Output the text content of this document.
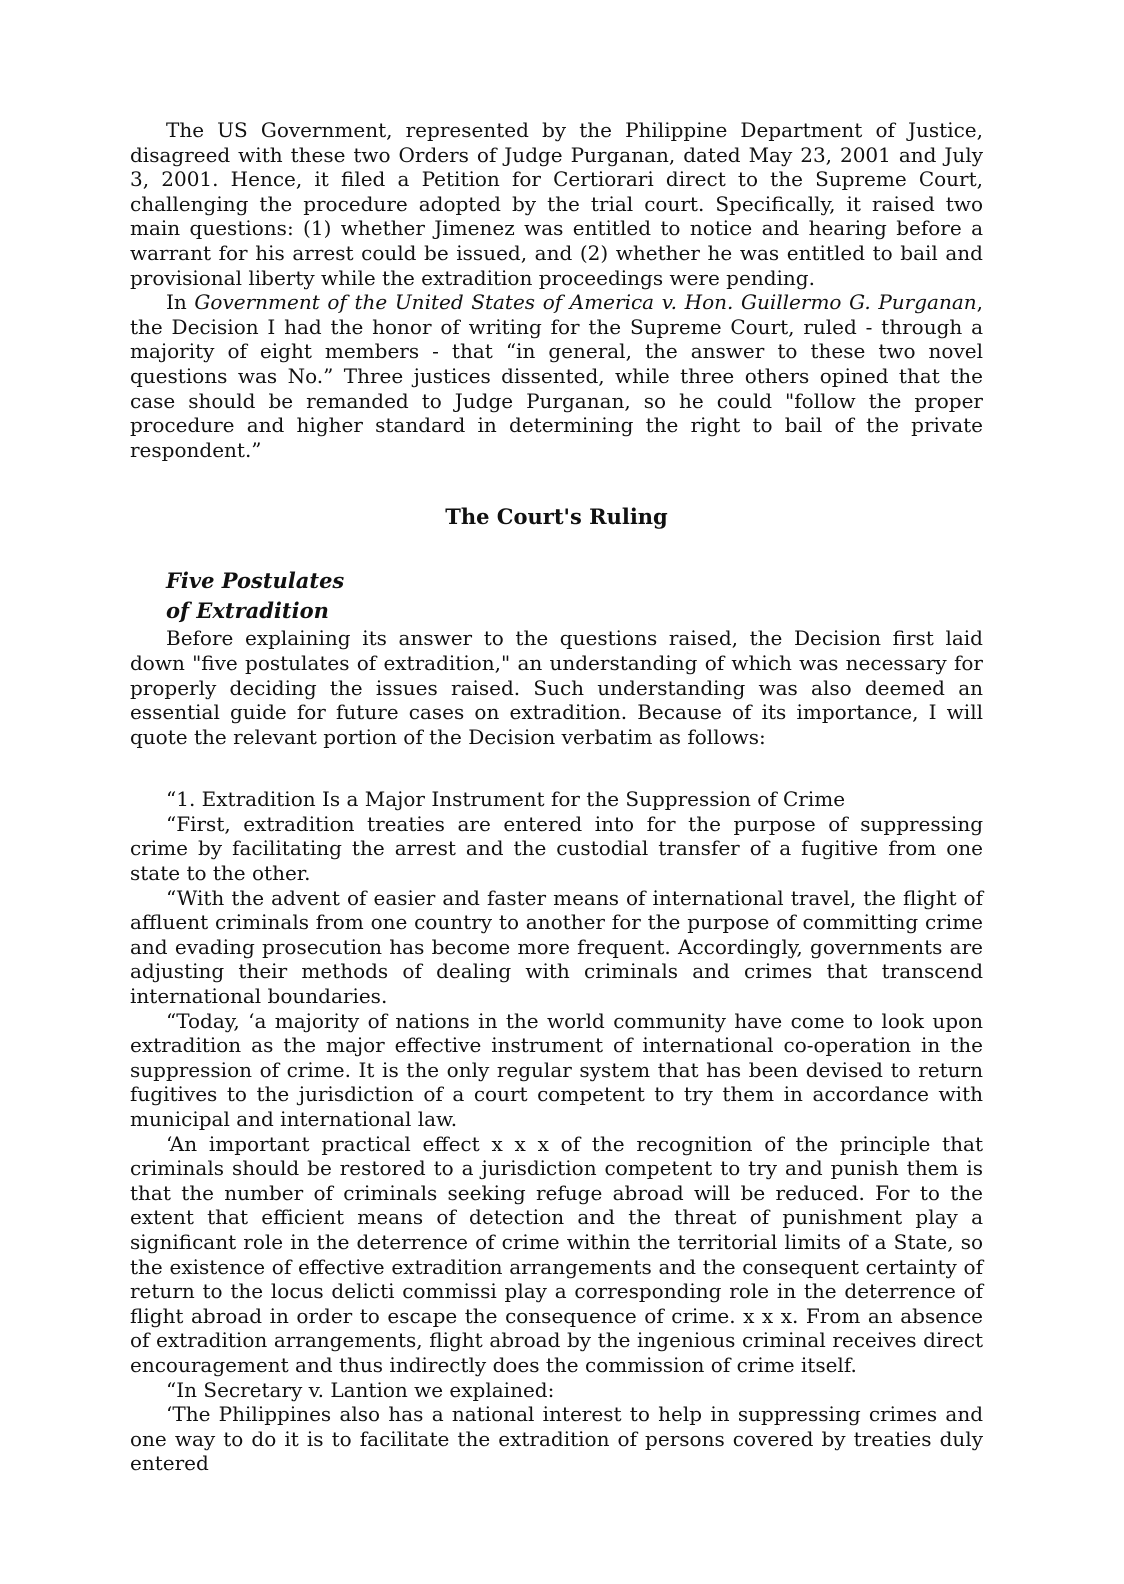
The US Government, represented by the Philippine Department of Justice, disagreed with these two Orders of Judge Purganan, dated May 23, 2001 and July 3, 2001. Hence, it filed a Petition for Certiorari direct to the Supreme Court, challenging the procedure adopted by the trial court. Specifically, it raised two main questions: (1) whether Jimenez was entitled to notice and hearing before a warrant for his arrest could be issued, and (2) whether he was entitled to bail and provisional liberty while the extradition proceedings were pending.

In Government of the United States of America v. Hon. Guillermo G. Purganan, the Decision I had the honor of writing for the Supreme Court, ruled - through a majority of eight members - that “in general, the answer to these two novel questions was No.” Three justices dissented, while three others opined that the case should be remanded to Judge Purganan, so he could "follow the proper procedure and higher standard in determining the right to bail of the private respondent.”

The Court's Ruling

Five Postulates
of Extradition

Before explaining its answer to the questions raised, the Decision first laid down "five postulates of extradition," an understanding of which was necessary for properly deciding the issues raised. Such understanding was also deemed an essential guide for future cases on extradition. Because of its importance, I will quote the relevant portion of the Decision verbatim as follows:

“1. Extradition Is a Major Instrument for the Suppression of Crime

“First, extradition treaties are entered into for the purpose of suppressing crime by facilitating the arrest and the custodial transfer of a fugitive from one state to the other.

“With the advent of easier and faster means of international travel, the flight of affluent criminals from one country to another for the purpose of committing crime and evading prosecution has become more frequent. Accordingly, governments are adjusting their methods of dealing with criminals and crimes that transcend international boundaries.

“Today, ‘a majority of nations in the world community have come to look upon extradition as the major effective instrument of international co-operation in the suppression of crime. It is the only regular system that has been devised to return fugitives to the jurisdiction of a court competent to try them in accordance with municipal and international law.

‘An important practical effect x x x of the recognition of the principle that criminals should be restored to a jurisdiction competent to try and punish them is that the number of criminals seeking refuge abroad will be reduced. For to the extent that efficient means of detection and the threat of punishment play a significant role in the deterrence of crime within the territorial limits of a State, so the existence of effective extradition arrangements and the consequent certainty of return to the locus delicti commissi play a corresponding role in the deterrence of flight abroad in order to escape the consequence of crime. x x x. From an absence of extradition arrangements, flight abroad by the ingenious criminal receives direct encouragement and thus indirectly does the commission of crime itself.

“In Secretary v. Lantion we explained:

‘The Philippines also has a national interest to help in suppressing crimes and one way to do it is to facilitate the extradition of persons covered by treaties duly entered
